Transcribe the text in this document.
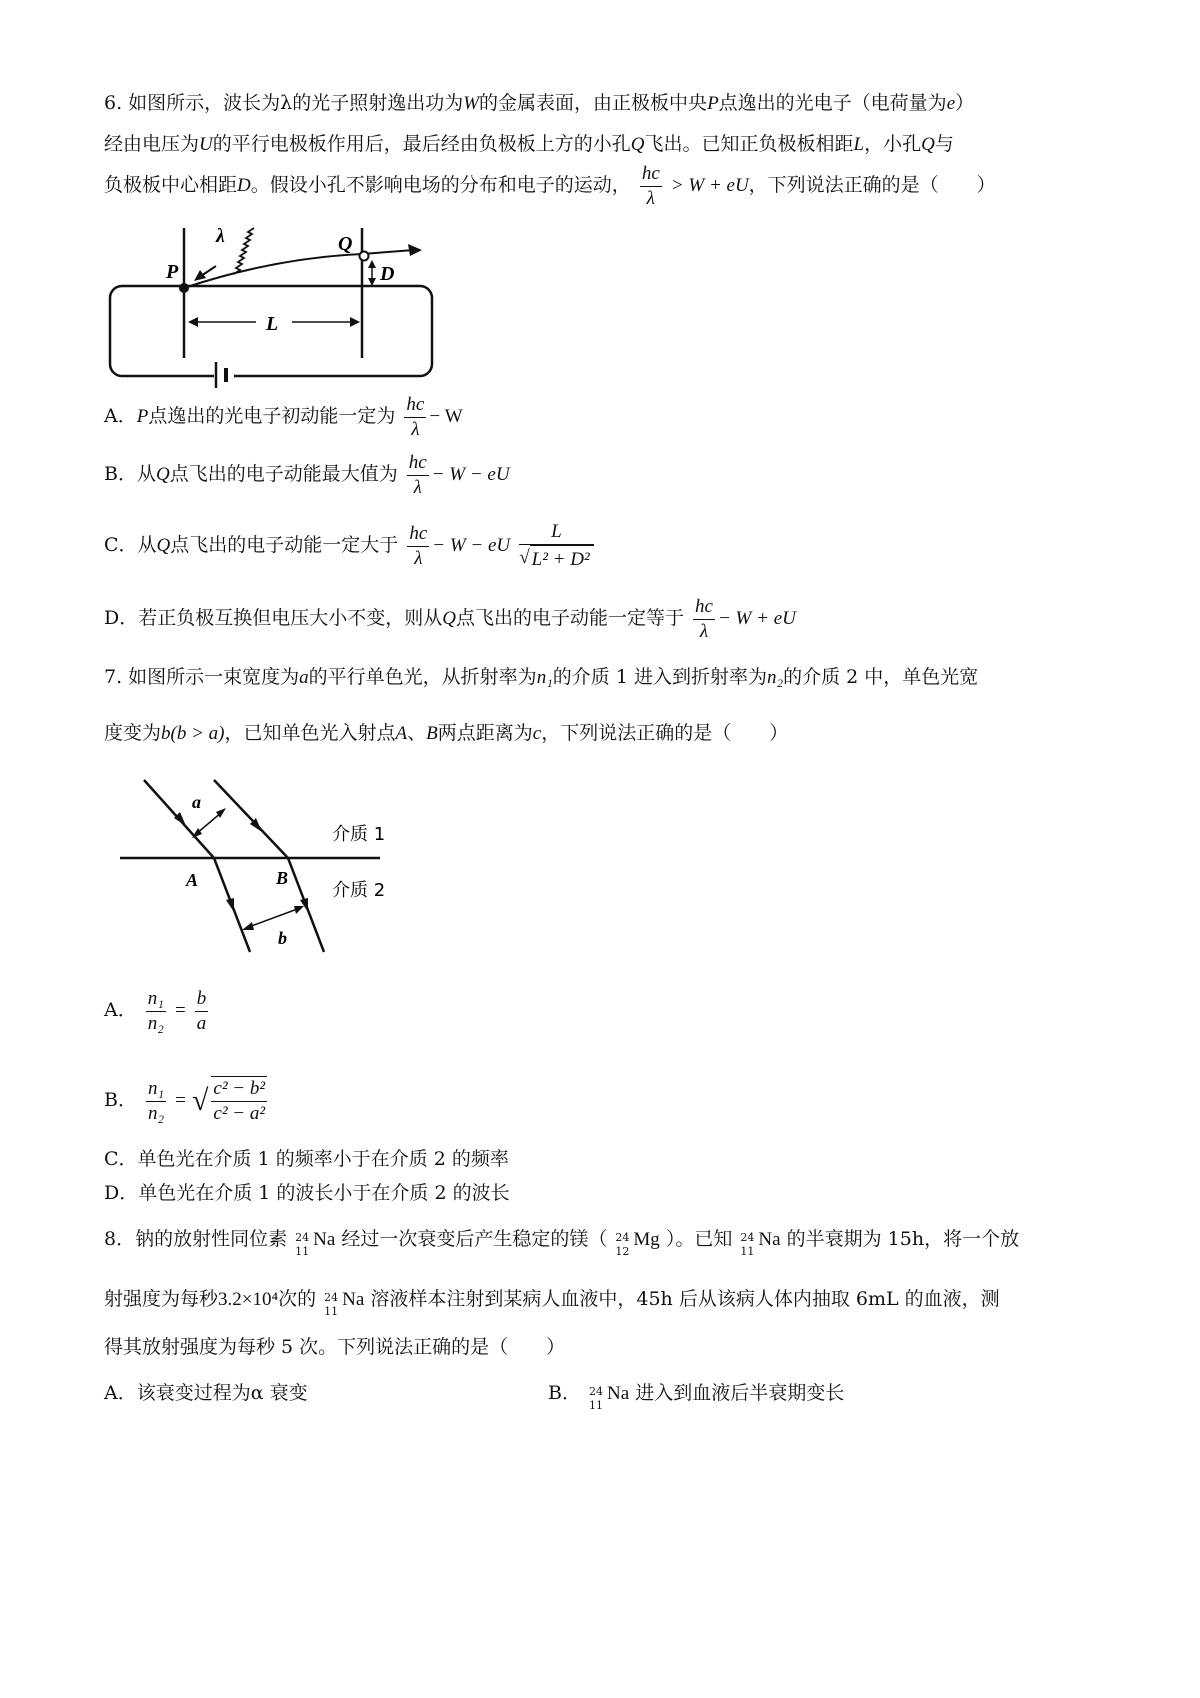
6. 如图所示，波长为λ的光子照射逸出功为W的金属表面，由正极板中央P点逸出的光电子（电荷量为e）
经由电压为U的平行电极板作用后，最后经由负极板上方的小孔Q飞出。已知正负极板相距L，小孔Q与
负极板中心相距D。假设小孔不影响电场的分布和电子的运动， $\frac{hc}{\lambda} > W$ + eU，下列说法正确的是（　　）
λ
P
Q
D
L
A．P点逸出的光电子初动能一定为 $\frac{hc}{\lambda} - W$
B．从Q点飞出的电子动能最大值为 $\frac{hc}{\lambda} - W$ − eU
C．从Q点飞出的电子动能一定大于 $\frac{hc}{\lambda} - W$ − eU $\frac{L}{\text{√ L² + D²}}$
D．若正负极互换但电压大小不变，则从Q点飞出的电子动能一定等于 $\frac{hc}{\lambda} - W$ + eU
7. 如图所示一束宽度为a的平行单色光，从折射率为n₁的介质 1 进入到折射率为n₂的介质 2 中，单色光宽
度变为b(b > a)，已知单色光入射点A、B两点距离为c，下列说法正确的是（　　）
a
A	B
b
介质 1
介质 2
A． $\frac{\text{n₁}}{\text{n₂}} = \frac{b}{a}$
B． $\frac{\text{n₁}}{\text{n₂}}$ = √ $\frac{\text{c² − b²}}{\text{c² − a²}}$
C．单色光在介质 1 的频率小于在介质 2 的频率
D．单色光在介质 1 的波长小于在介质 2 的波长
8．钠的放射性同位素 24
11
Na 经过一次衰变后产生稳定的镁（ 24
12
Mg ）。已知 24
11
Na 的半衰期为 15h，将一个放
射强度为每秒3.2×10⁴次的 24
11
Na 溶液样本注射到某病人血液中，45h 后从该病人体内抽取 6mL 的血液，测
得其放射强度为每秒 5 次。下列说法正确的是（　　）
A．该衰变过程为α 衰变	B． 24
11
Na 进入到血液后半衰期变长
